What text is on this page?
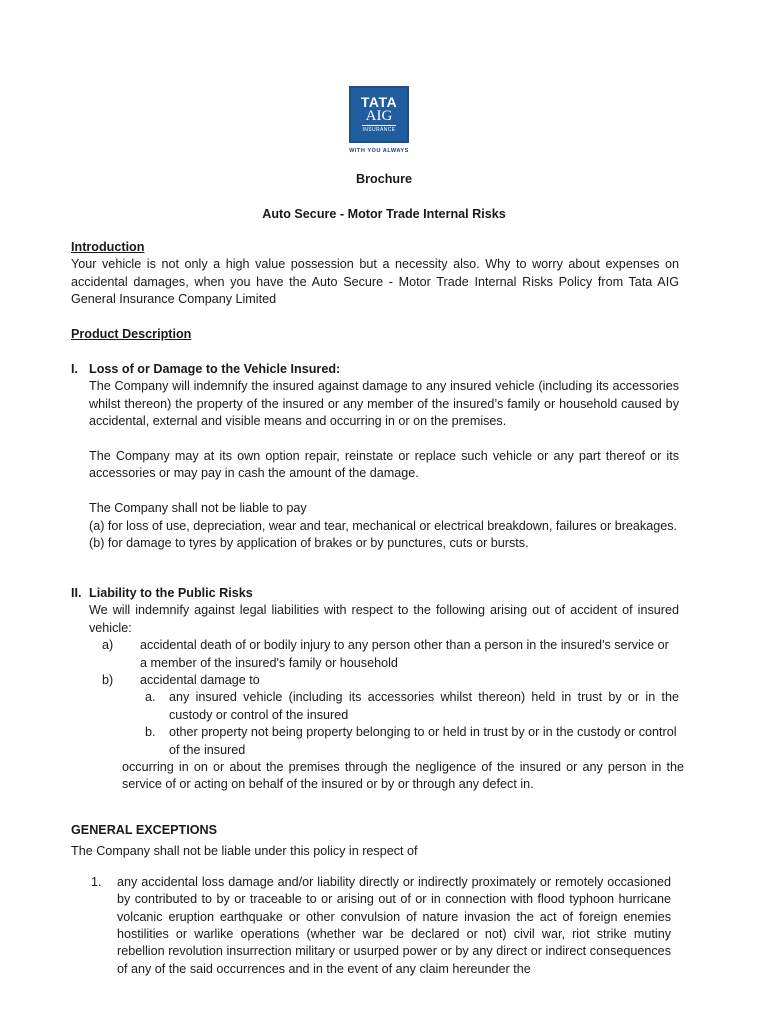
TATA
AIG
INSURANCE
WITH YOU ALWAYS
Brochure
Auto Secure - Motor Trade Internal Risks
Introduction

Your vehicle is not only a high value possession but a necessity also. Why to worry about expenses on accidental damages, when you have the Auto Secure - Motor Trade Internal Risks Policy from Tata AIG General Insurance Company Limited

Product Description
I. Loss of or Damage to the Vehicle Insured:

The Company will indemnify the insured against damage to any insured vehicle (including its accessories whilst thereon) the property of the insured or any member of the insured’s family or household caused by accidental, external and visible means and occurring in or on the premises.

The Company may at its own option repair, reinstate or replace such vehicle or any part thereof or its accessories or may pay in cash the amount of the damage.

The Company shall not be liable to pay

(a) for loss of use, depreciation, wear and tear, mechanical or electrical breakdown, failures or breakages.

(b) for damage to tyres by application of brakes or by punctures, cuts or bursts.

II. Liability to the Public Risks

We will indemnify against legal liabilities with respect to the following arising out of accident of insured vehicle:

a)	accidental death of or bodily injury to any person other than a person in the insured's service or a member of the insured's family or household
b)	accidental damage to
a.	any insured vehicle (including its accessories whilst thereon) held in trust by or in the custody or control of the insured
b.	other property not being property belonging to or held in trust by or in the custody or control of the insured

occurring in on or about the premises through the negligence of the insured or any person in the service of or acting on behalf of the insured or by or through any defect in.

GENERAL EXCEPTIONS

The Company shall not be liable under this policy in respect of

1.	any accidental loss damage and/or liability directly or indirectly proximately or remotely occasioned by contributed to by or traceable to or arising out of or in connection with flood typhoon hurricane volcanic eruption earthquake or other convulsion of nature invasion the act of foreign enemies hostilities or warlike operations (whether war be declared or not) civil war, riot strike mutiny rebellion revolution insurrection military or usurped power or by any direct or indirect consequences of any of the said occurrences and in the event of any claim hereunder the
